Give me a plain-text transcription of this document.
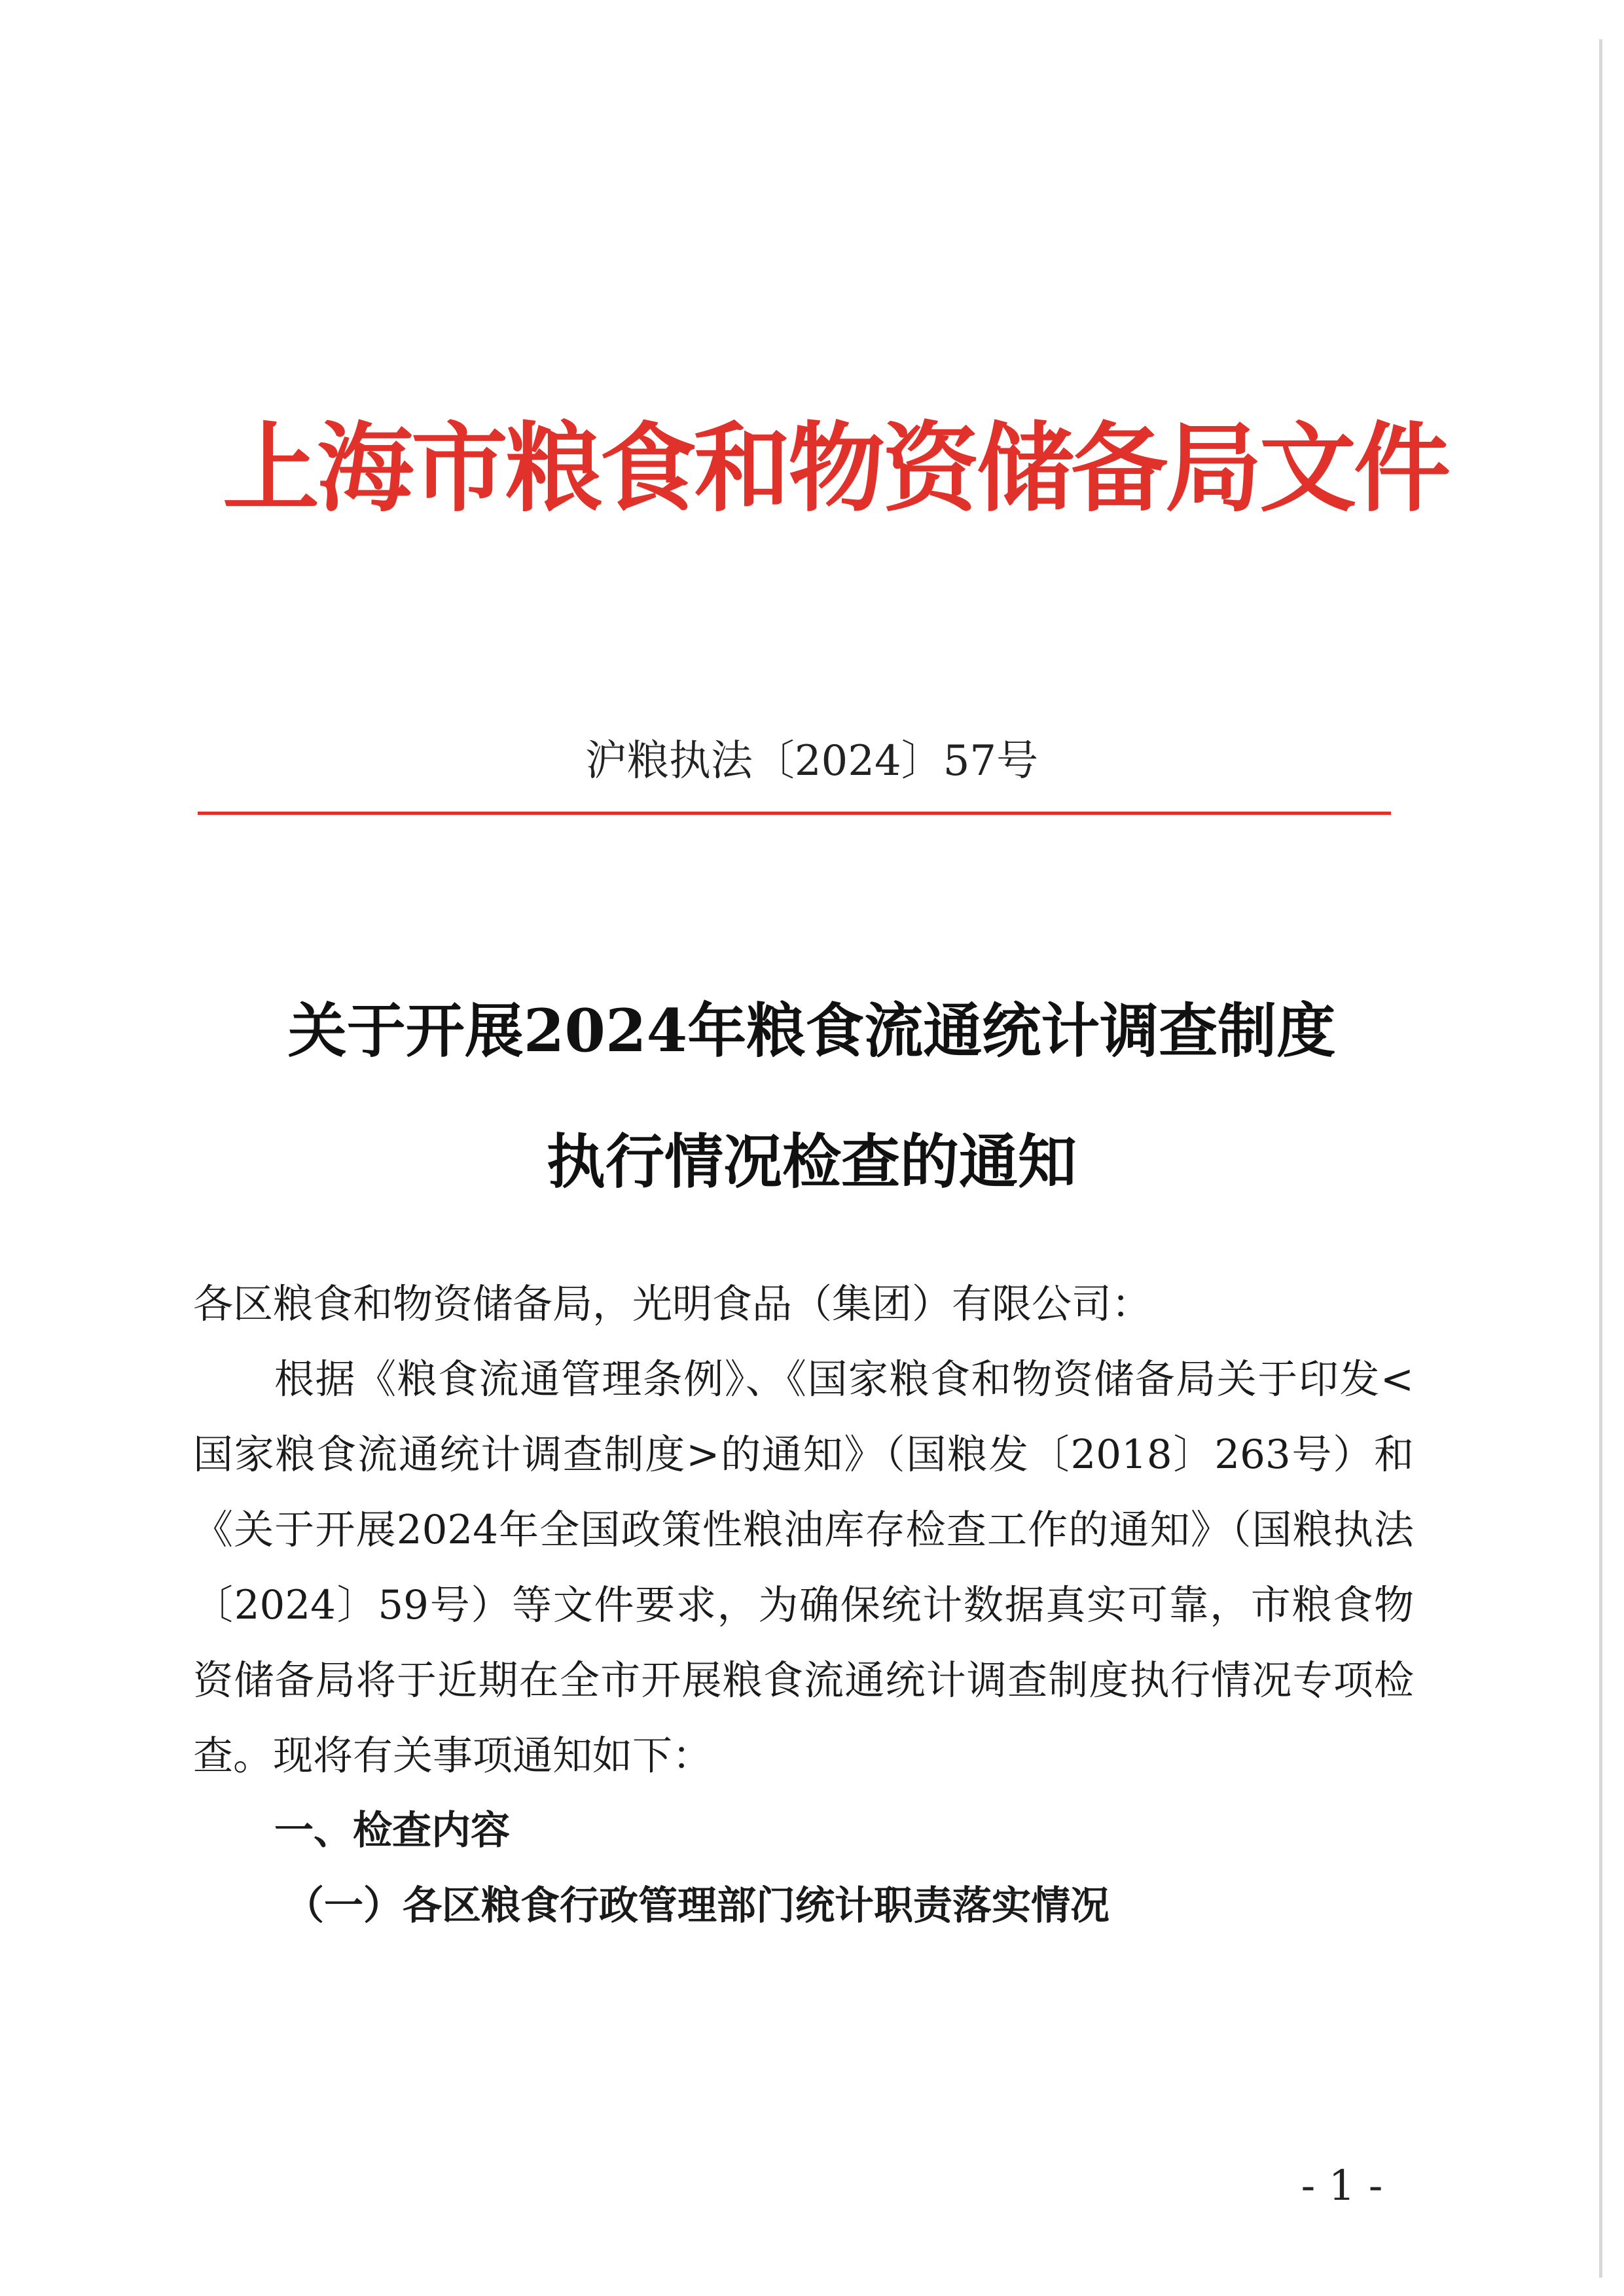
上海市粮食和物资储备局文件
沪粮执法〔2024〕57号
关于开展2024年粮食流通统计调查制度
执行情况检查的通知

各区粮食和物资储备局，光明食品（集团）有限公司：

根据《粮食流通管理条例》、《国家粮食和物资储备局关于印发<国家粮食流通统计调查制度>的通知》（国粮发〔2018〕263号）和《关于开展2024年全国政策性粮油库存检查工作的通知》（国粮执法〔2024〕59号）等文件要求，为确保统计数据真实可靠，市粮食物资储备局将于近期在全市开展粮食流通统计调查制度执行情况专项检查。现将有关事项通知如下：

一、检查内容

（一）各区粮食行政管理部门统计职责落实情况

- 1 -
